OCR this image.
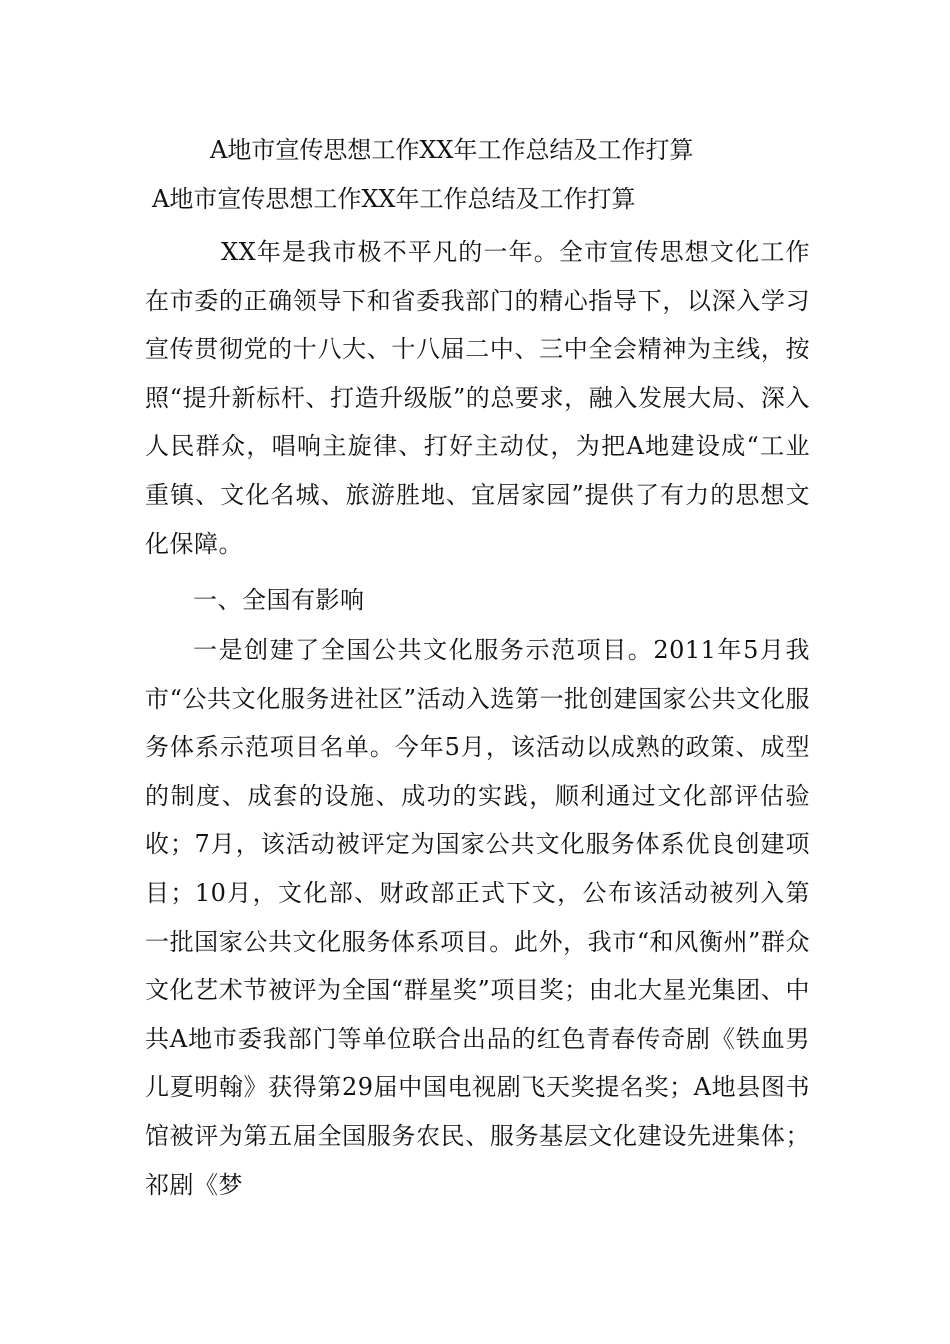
A地市宣传思想工作XX年工作总结及工作打算
A地市宣传思想工作XX年工作总结及工作打算

XX年是我市极不平凡的一年。全市宣传思想文化工作在市委的正确领导下和省委我部门的精心指导下，以深入学习宣传贯彻党的十八大、十八届二中、三中全会精神为主线，按照“提升新标杆、打造升级版”的总要求，融入发展大局、深入人民群众，唱响主旋律、打好主动仗，为把A地建设成“工业重镇、文化名城、旅游胜地、宜居家园”提供了有力的思想文化保障。

一、全国有影响

一是创建了全国公共文化服务示范项目。2011年5月我市“公共文化服务进社区”活动入选第一批创建国家公共文化服务体系示范项目名单。今年5月，该活动以成熟的政策、成型的制度、成套的设施、成功的实践，顺利通过文化部评估验收；7月，该活动被评定为国家公共文化服务体系优良创建项目；10月，文化部、财政部正式下文，公布该活动被列入第一批国家公共文化服务体系项目。此外，我市“和风衡州”群众文化艺术节被评为全国“群星奖”项目奖；由北大星光集团、中共A地市委我部门等单位联合出品的红色青春传奇剧《铁血男儿夏明翰》获得第29届中国电视剧飞天奖提名奖；A地县图书馆被评为第五届全国服务农民、服务基层文化建设先进集体；祁剧《梦
